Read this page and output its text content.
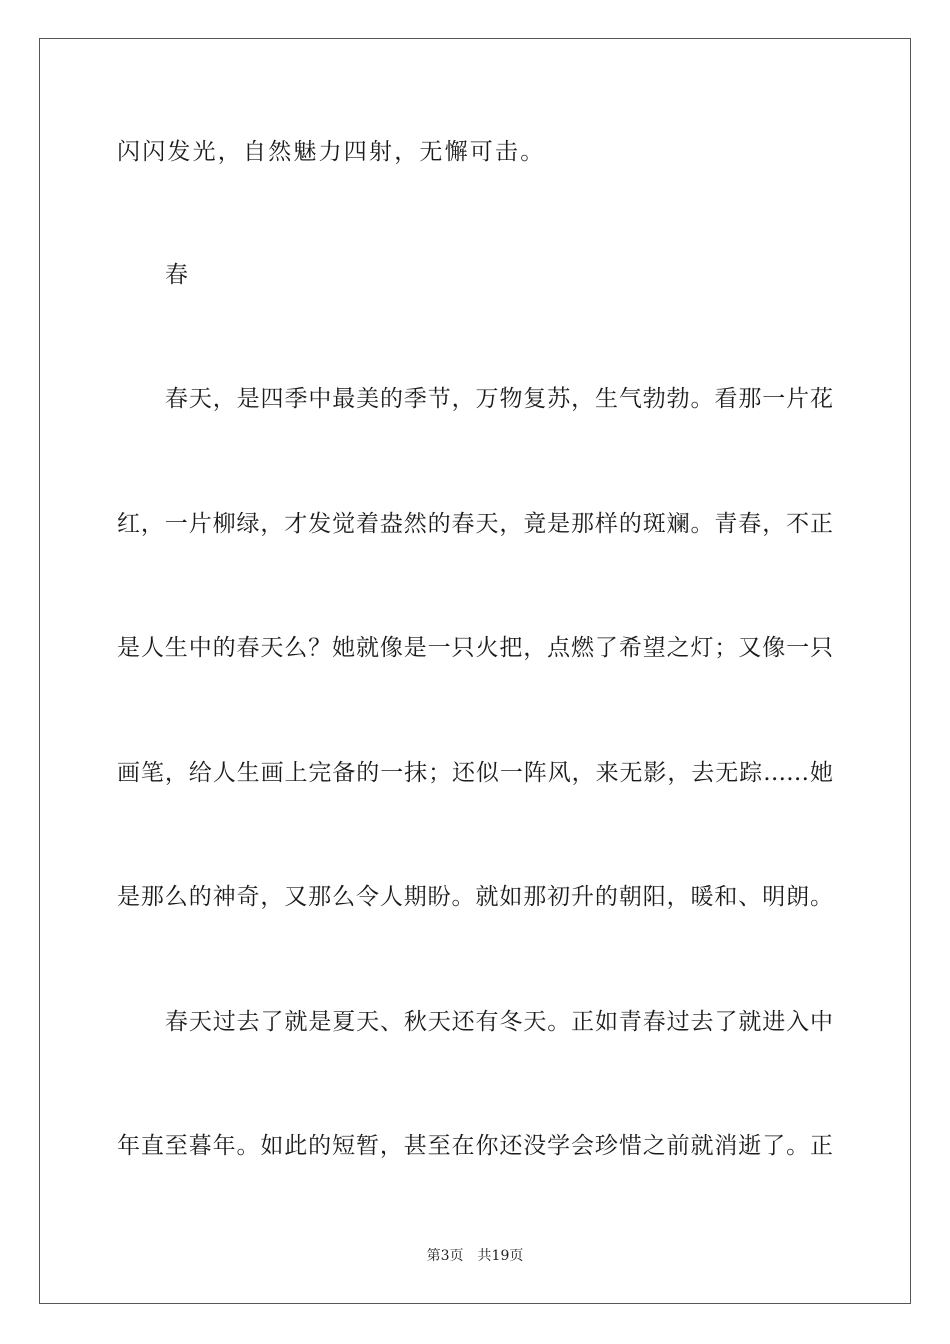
闪闪发光，自然魅力四射，无懈可击。
春
春天，是四季中最美的季节，万物复苏，生气勃勃。看那一片花
红，一片柳绿，才发觉着盎然的春天，竟是那样的斑斓。青春，不正
是人生中的春天么？她就像是一只火把，点燃了希望之灯；又像一只
画笔，给人生画上完备的一抹；还似一阵风，来无影，去无踪……她
是那么的神奇，又那么令人期盼。就如那初升的朝阳，暖和、明朗。
春天过去了就是夏天、秋天还有冬天。正如青春过去了就进入中
年直至暮年。如此的短暂，甚至在你还没学会珍惜之前就消逝了。正
第3页 共19页
